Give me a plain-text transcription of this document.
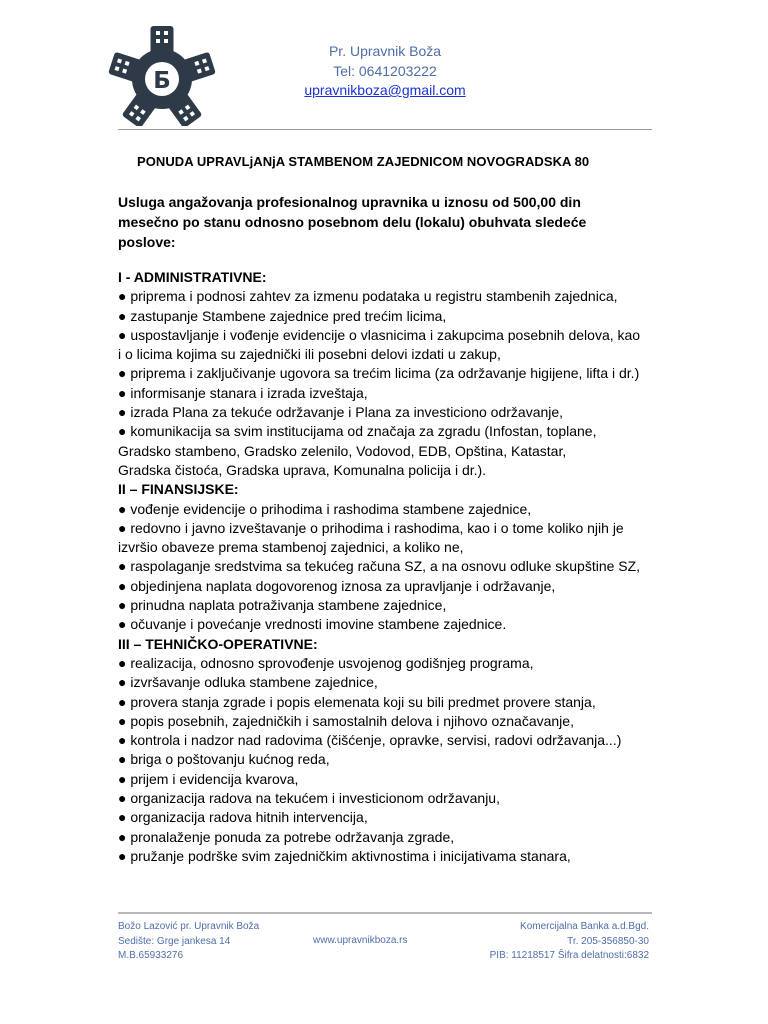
Б
Pr. Upravnik Boža
Tel: 0641203222
upravnikboza@gmail.com
PONUDA UPRAVLjANjA STAMBENOM ZAJEDNICOM NOVOGRADSKA 80
Usluga angažovanja profesionalnog upravnika u iznosu od 500,00 din
mesečno po stanu odnosno posebnom delu (lokalu) obuhvata sledeće
poslove:

I - ADMINISTRATIVNE:

● priprema i podnosi zahtev za izmenu podataka u registru stambenih zajednica,

● zastupanje Stambene zajednice pred trećim licima,

● uspostavljanje i vođenje evidencije o vlasnicima i zakupcima posebnih delova, kao

i o licima kojima su zajednički ili posebni delovi izdati u zakup,

● priprema i zaključivanje ugovora sa trećim licima (za održavanje higijene, lifta i dr.)

● informisanje stanara i izrada izveštaja,

● izrada Plana za tekuće održavanje i Plana za investiciono održavanje,

● komunikacija sa svim institucijama od značaja za zgradu (Infostan, toplane,

Gradsko stambeno, Gradsko zelenilo, Vodovod, EDB, Opština, Katastar,

Gradska čistoća, Gradska uprava, Komunalna policija i dr.).

II – FINANSIJSKE:

● vođenje evidencije o prihodima i rashodima stambene zajednice,

● redovno i javno izveštavanje o prihodima i rashodima, kao i o tome koliko njih je

izvršio obaveze prema stambenoj zajednici, a koliko ne,

● raspolaganje sredstvima sa tekućeg računa SZ, a na osnovu odluke skupštine SZ,

● objedinjena naplata dogovorenog iznosa za upravljanje i održavanje,

● prinudna naplata potraživanja stambene zajednice,

● očuvanje i povećanje vrednosti imovine stambene zajednice.

III – TEHNIČKO-OPERATIVNE:

● realizacija, odnosno sprovođenje usvojenog godišnjeg programa,

● izvršavanje odluka stambene zajednice,

● provera stanja zgrade i popis elemenata koji su bili predmet provere stanja,

● popis posebnih, zajedničkih i samostalnih delova i njihovo označavanje,

● kontrola i nadzor nad radovima (čišćenje, opravke, servisi, radovi održavanja...)

● briga o poštovanju kućnog reda,

● prijem i evidencija kvarova,

● organizacija radova na tekućem i investicionom održavanju,

● organizacija radova hitnih intervencija,

● pronalaženje ponuda za potrebe održavanja zgrade,

● pružanje podrške svim zajedničkim aktivnostima i inicijativama stanara,

Božo Lazović pr. Upravnik Boža

Sedište: Grge jankesa 14

M.B.65933276

www.upravnikboza.rs

Komercijalna Banka a.d.Bgd.

Tr. 205-356850-30

PIB: 11218517 Šifra delatnosti:6832
